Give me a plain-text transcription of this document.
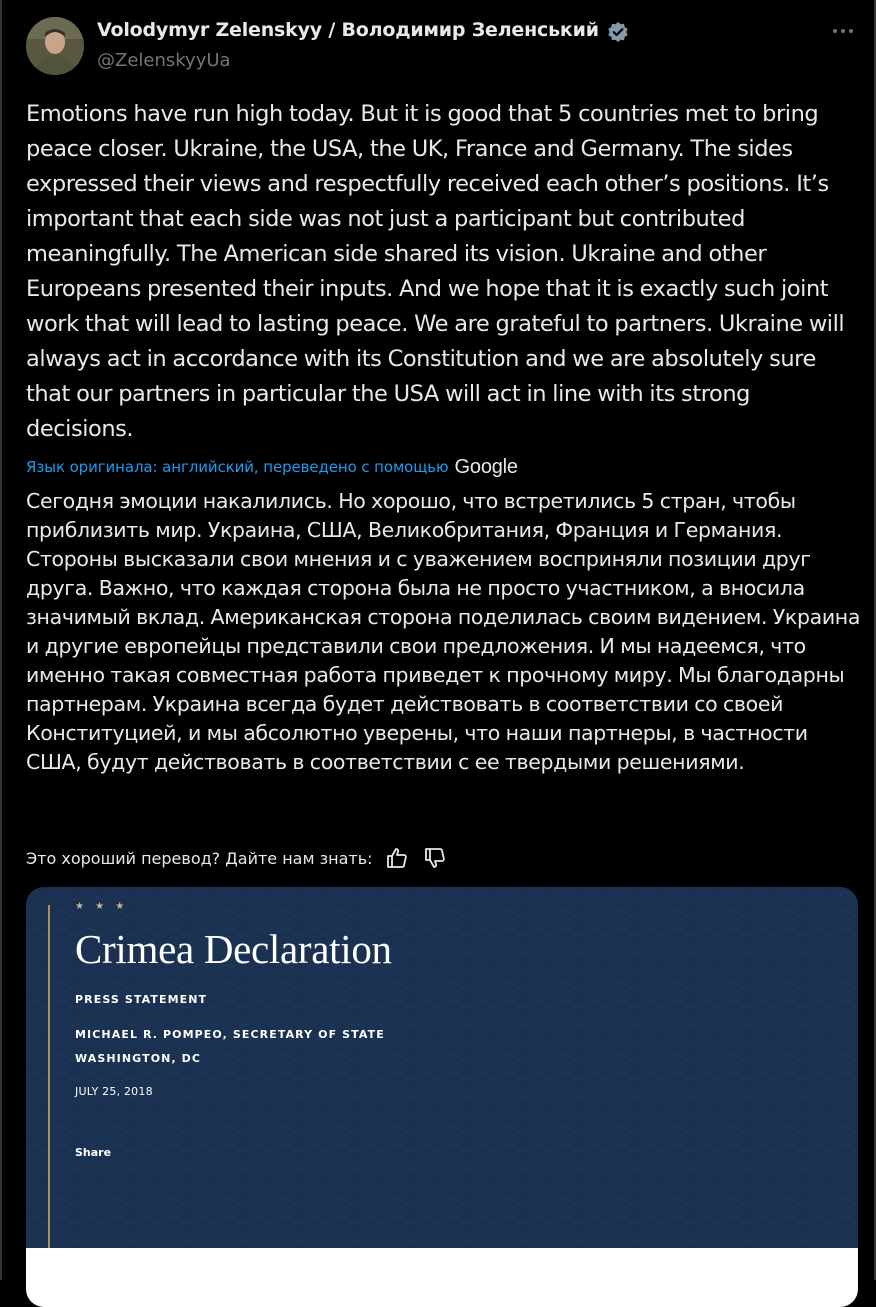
Volodymyr Zelenskyy / Володимир Зеленський
@ZelenskyyUa
Emotions have run high today. But it is good that 5 countries met to bring peace closer. Ukraine, the USA, the UK, France and Germany. The sides expressed their views and respectfully received each other’s positions. It’s important that each side was not just a participant but contributed meaningfully. The American side shared its vision. Ukraine and other Europeans presented their inputs. And we hope that it is exactly such joint work that will lead to lasting peace. We are grateful to partners. Ukraine will always act in accordance with its Constitution and we are absolutely sure that our partners in particular the USA will act in line with its strong decisions.
Язык оригинала: английский, переведено с помощью Google
Сегодня эмоции накалились. Но хорошо, что встретились 5 стран, чтобы приблизить мир. Украина, США, Великобритания, Франция и Германия. Стороны высказали свои мнения и с уважением восприняли позиции друг друга. Важно, что каждая сторона была не просто участником, а вносила значимый вклад. Американская сторона поделилась своим видением. Украина и другие европейцы представили свои предложения. И мы надеемся, что именно такая совместная работа приведет к прочному миру. Мы благодарны партнерам. Украина всегда будет действовать в соответствии со своей Конституцией, и мы абсолютно уверены, что наши партнеры, в частности США, будут действовать в соответствии с ее твердыми решениями.
Это хороший перевод? Дайте нам знать:
★ ★ ★
Crimea Declaration
PRESS STATEMENT
MICHAEL R. POMPEO, SECRETARY OF STATE
WASHINGTON, DC
JULY 25, 2018
Share
